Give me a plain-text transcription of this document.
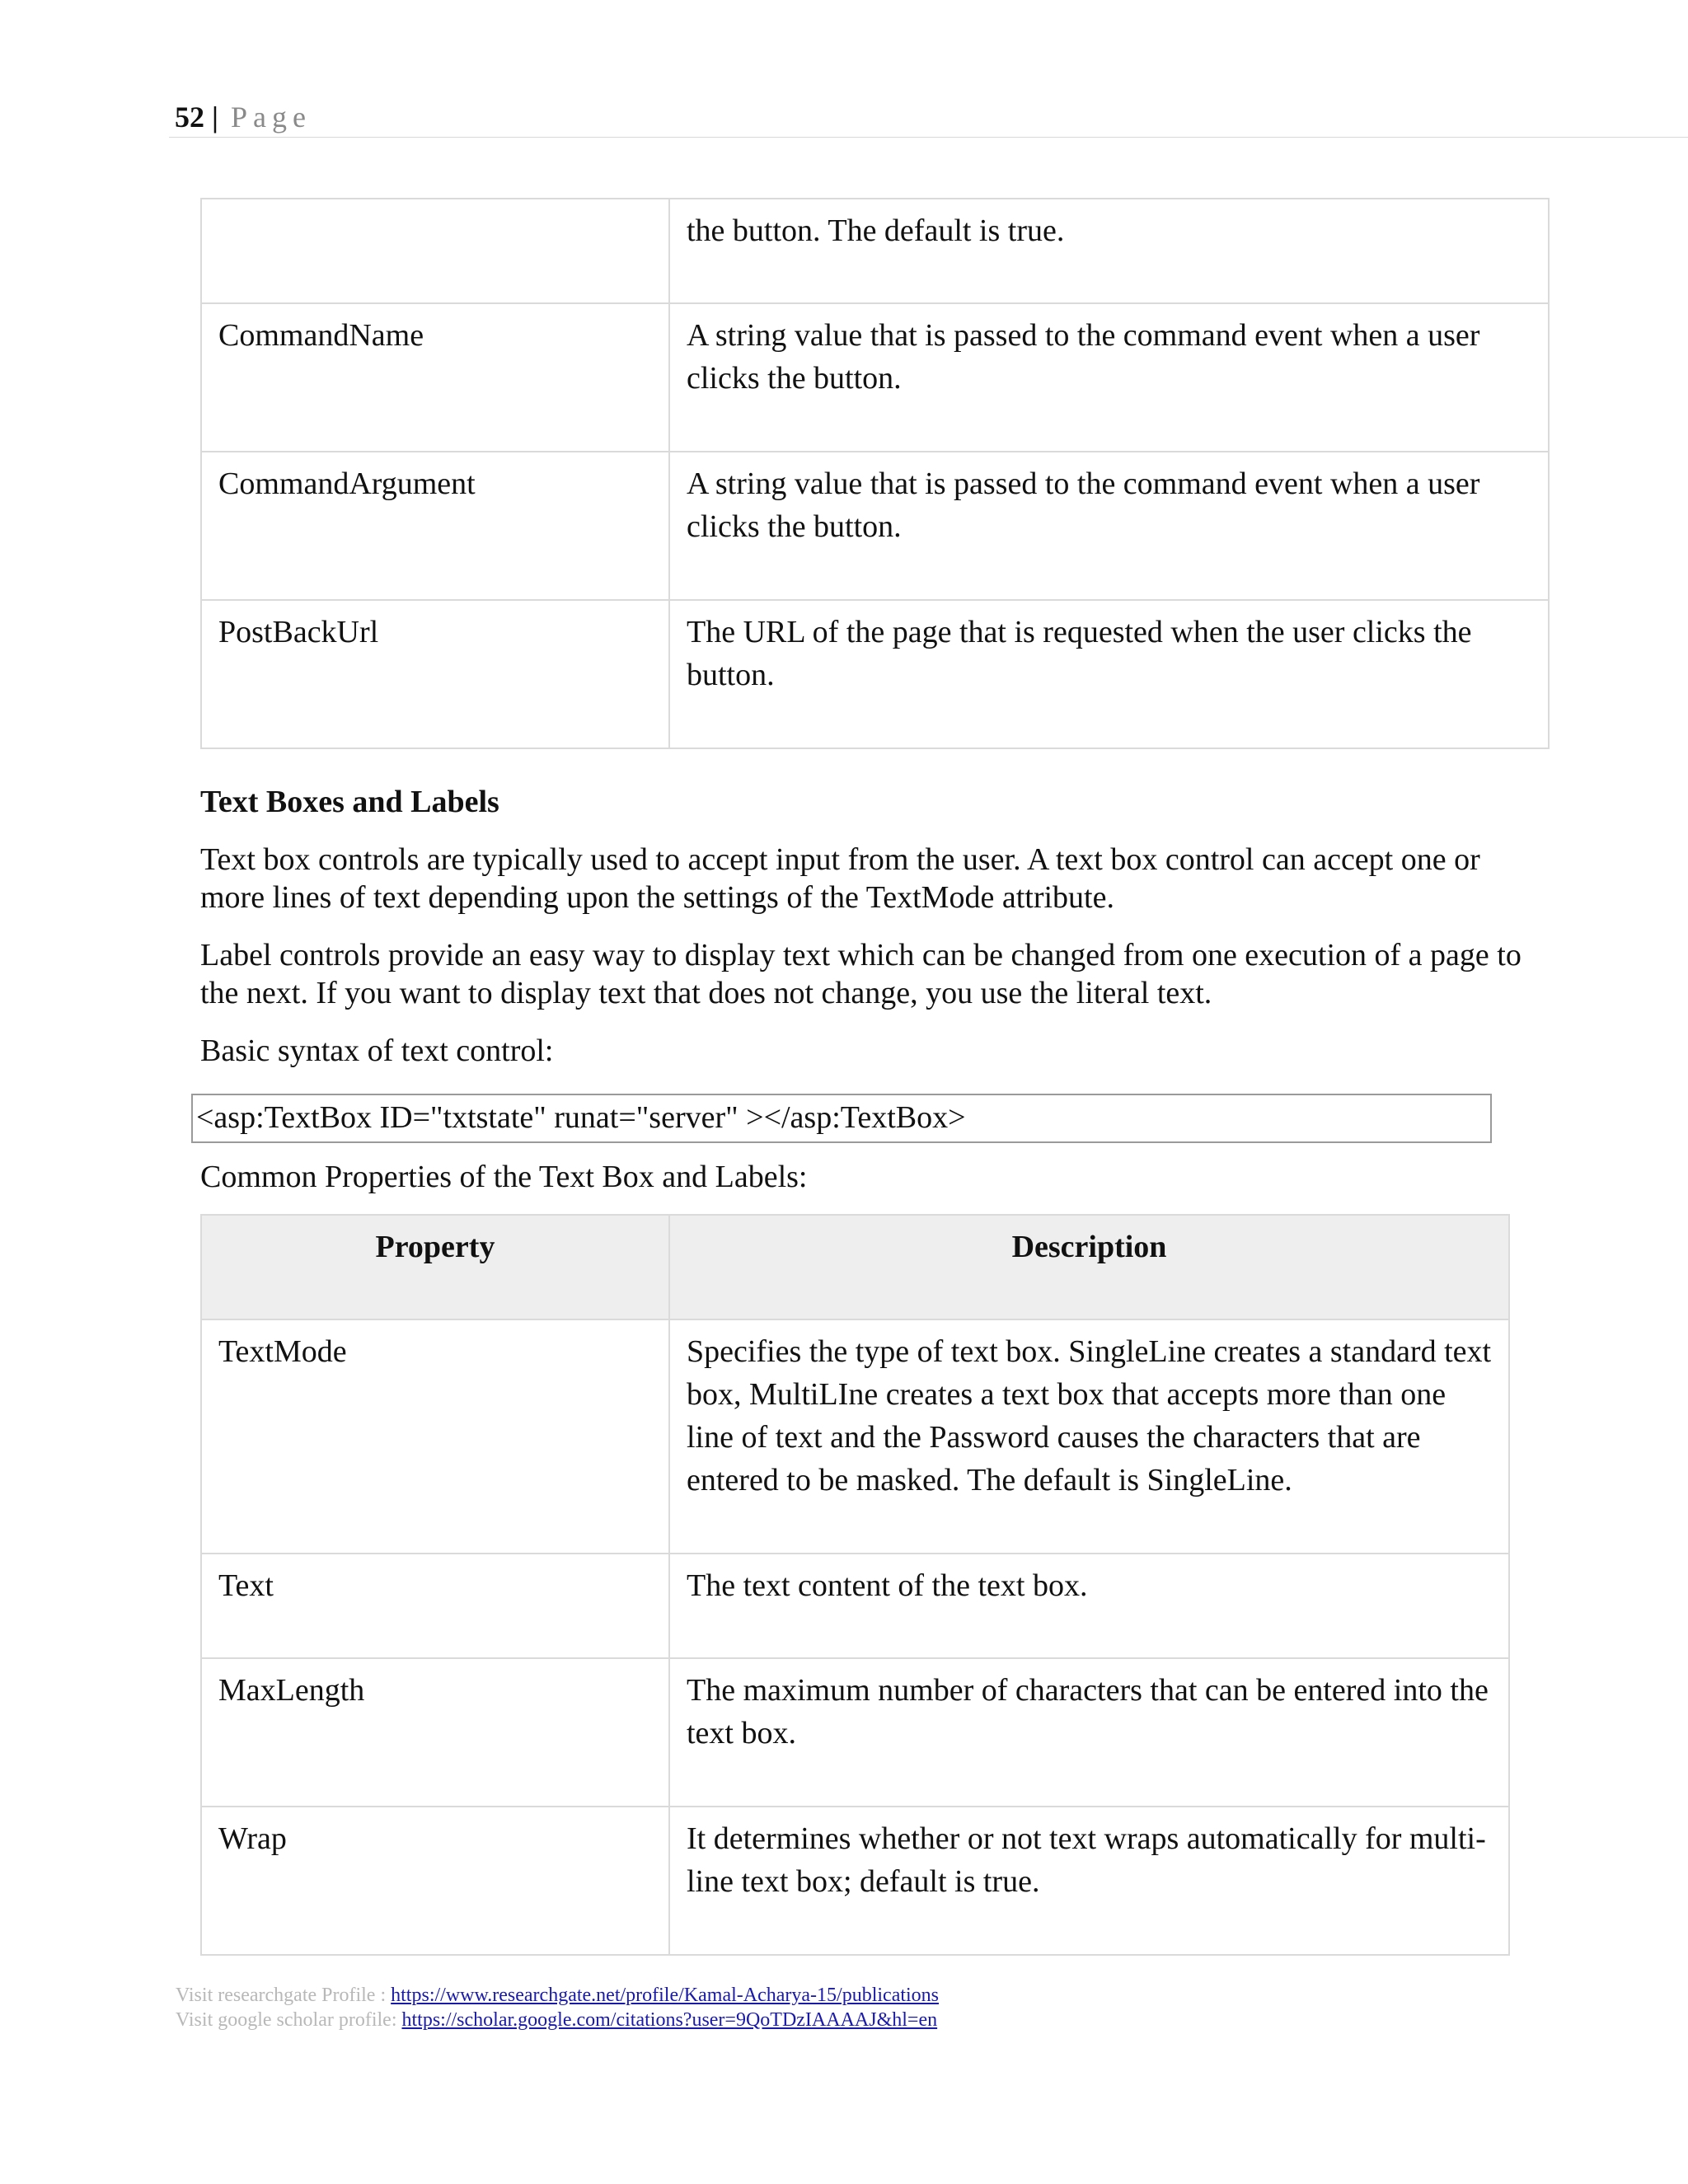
52 | Page
	the button. The default is true.
CommandName	A string value that is passed to the command event when a user clicks the button.
CommandArgument	A string value that is passed to the command event when a user clicks the button.
PostBackUrl	The URL of the page that is requested when the user clicks the button.
Text Boxes and Labels
Text box controls are typically used to accept input from the user. A text box control can accept one or more lines of text depending upon the settings of the TextMode attribute.
Label controls provide an easy way to display text which can be changed from one execution of a page to the next. If you want to display text that does not change, you use the literal text.
Basic syntax of text control:
<asp:TextBox ID="txtstate" runat="server" ></asp:TextBox>
Common Properties of the Text Box and Labels:
Property	Description
TextMode	Specifies the type of text box. SingleLine creates a standard text box, MultiLIne creates a text box that accepts more than one line of text and the Password causes the characters that are entered to be masked. The default is SingleLine.
Text	The text content of the text box.
MaxLength	The maximum number of characters that can be entered into the text box.
Wrap	It determines whether or not text wraps automatically for multi-line text box; default is true.
Visit researchgate Profile : https://www.researchgate.net/profile/Kamal-Acharya-15/publications
Visit google scholar profile: https://scholar.google.com/citations?user=9QoTDzIAAAAJ&hl=en
